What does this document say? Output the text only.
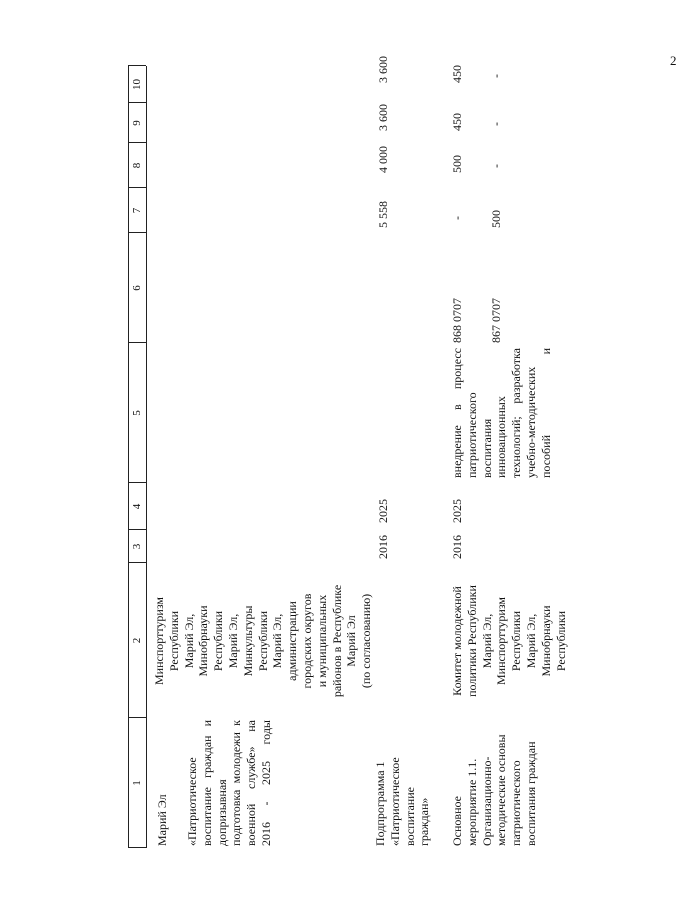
2
1
2
3
4
5
6
7
8
9
10
Марий Эл «Патриотическое воспитание граждан и допризывная подготовка молодежи к военной службе» на 2016 - 2025 годы
Минспорттуризм
Республики
Марий Эл,
Минобрнауки
Республики
Марий Эл,
Минкультуры
Республики
Марий Эл,
администрации
городских округов
и муниципальных
районов в Республике
Марий Эл
(по согласованию)
Подпрограмма 1 «Патриотическое воспитание граждан»
2016
2025
5 558
4 000
3 600
3 600
Основное мероприятие 1.1. Организационно-методические основы патриотического воспитания граждан
Комитет молодежной политики Республики
Марий Эл,
Минспорттуризм
Республики
Марий Эл,
Минобрнауки
Республики
2016
2025
внедрение в процесс патриотического воспитания инновационных технологий; разработка учебно-методических пособий и
868 0707 867 0707
- 500
500 -
450 -
450 -
